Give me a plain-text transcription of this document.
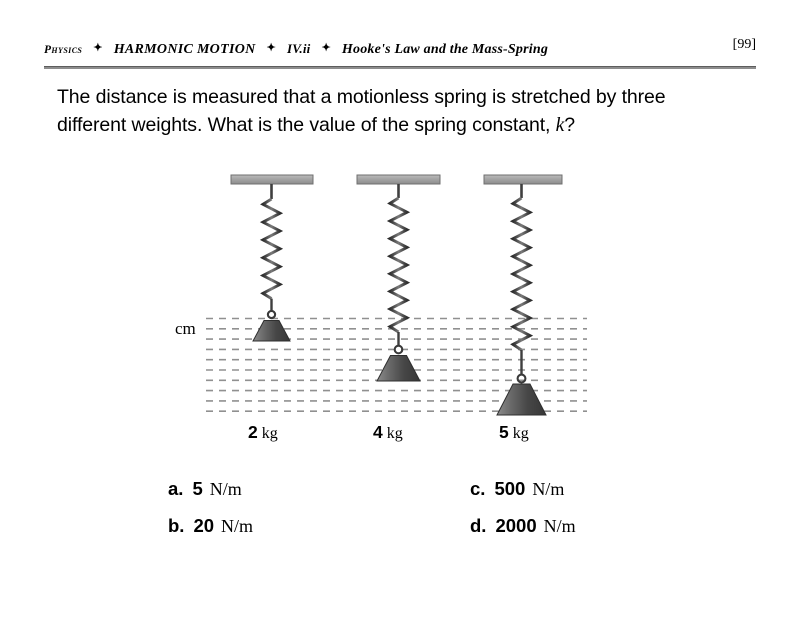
Physics ✦ HARMONIC MOTION ✦ IV.ii ✦ Hooke's Law and the Mass-Spring	[99]
The distance is measured that a motionless spring is stretched by three
different weights. What is the value of the spring constant, k?
cm
2 kg	4 kg	5 kg
a. 5 N/m
b. 20 N/m
c. 500 N/m
d. 2000 N/m
